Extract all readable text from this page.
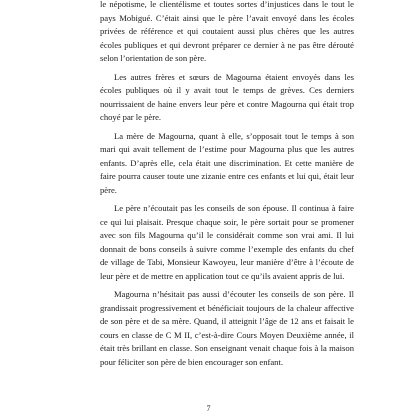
le népotisme, le clientélisme et toutes sortes d’injustices dans le tout le pays Mobigué. C’était ainsi que le père l’avait envoyé dans les écoles privées de référence et qui coutaient aussi plus chères que les autres écoles publiques et qui devront préparer ce dernier à ne pas être dérouté selon l’orientation de son père.

Les autres frères et sœurs de Magourna étaient envoyés dans les écoles publiques où il y avait tout le temps de grèves. Ces derniers nourrissaient de haine envers leur père et contre Magourna qui était trop choyé par le père.

La mère de Magourna, quant à elle, s’opposait tout le temps à son mari qui avait tellement de l’estime pour Magourna plus que les autres enfants. D’après elle, cela était une discrimination. Et cette manière de faire pourra causer toute une zizanie entre ces enfants et lui qui, était leur père.

Le père n’écoutait pas les conseils de son épouse. Il continua à faire ce qui lui plaisait. Presque chaque soir, le père sortait pour se promener avec son fils Magourna qu’il le considérait comme son vrai ami. Il lui donnait de bons conseils à suivre comme l’exemple des enfants du chef de village de Tabi, Monsieur Kawoyeu, leur manière d’être à l’écoute de leur père et de mettre en application tout ce qu’ils avaient appris de lui.

Magourna n’hésitait pas aussi d’écouter les conseils de son père. Il grandissait progressivement et bénéficiait toujours de la chaleur affective de son père et de sa mère. Quand, il atteignit l’âge de 12 ans et faisait le cours en classe de C M II, c’est-à-dire Cours Moyen Deuxième année, il était très brillant en classe. Son enseignant venait chaque fois à la maison pour féliciter son père de bien encourager son enfant.

7
